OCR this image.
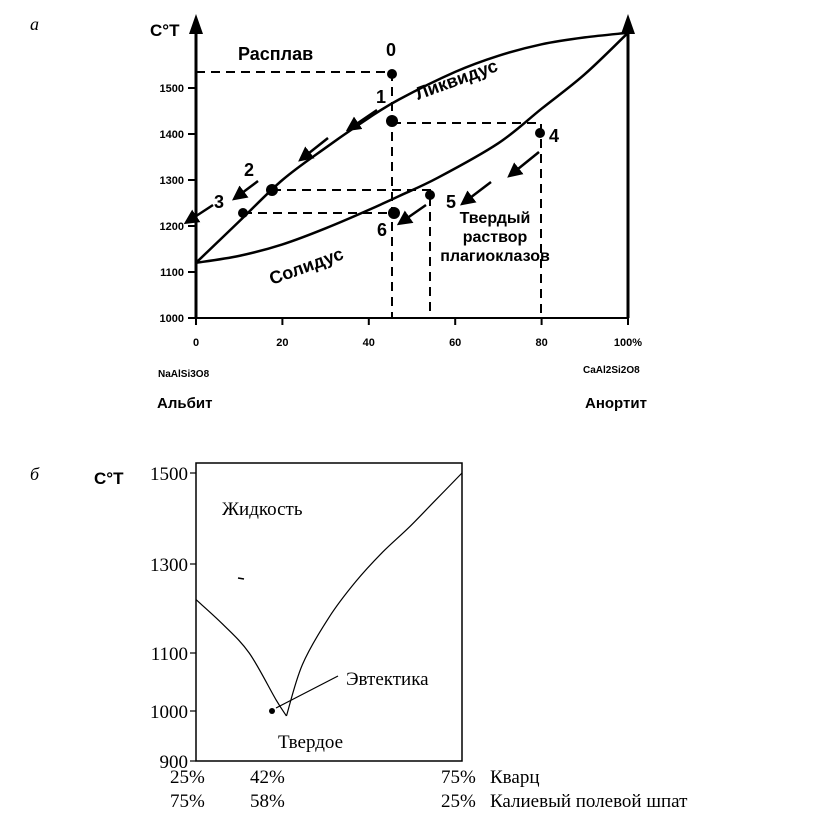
а	С°Т
1000
1100
1200
1300
1400
1500
0	20	40	60	80	100%
Расплав
Ликвидус
Солидус
Твердый
раствор
плагиоклазов
0
1
2
3
4
5
6
NaAlSi3O8	CaAl2Si2O8
Альбит	Анортит
б	С°Т 1500
1300
1100
1000
900
Жидкость
Эвтектика
Твердое
25% 42%	75% Кварц
75% 58%	25% Калиевый полевой шпат
